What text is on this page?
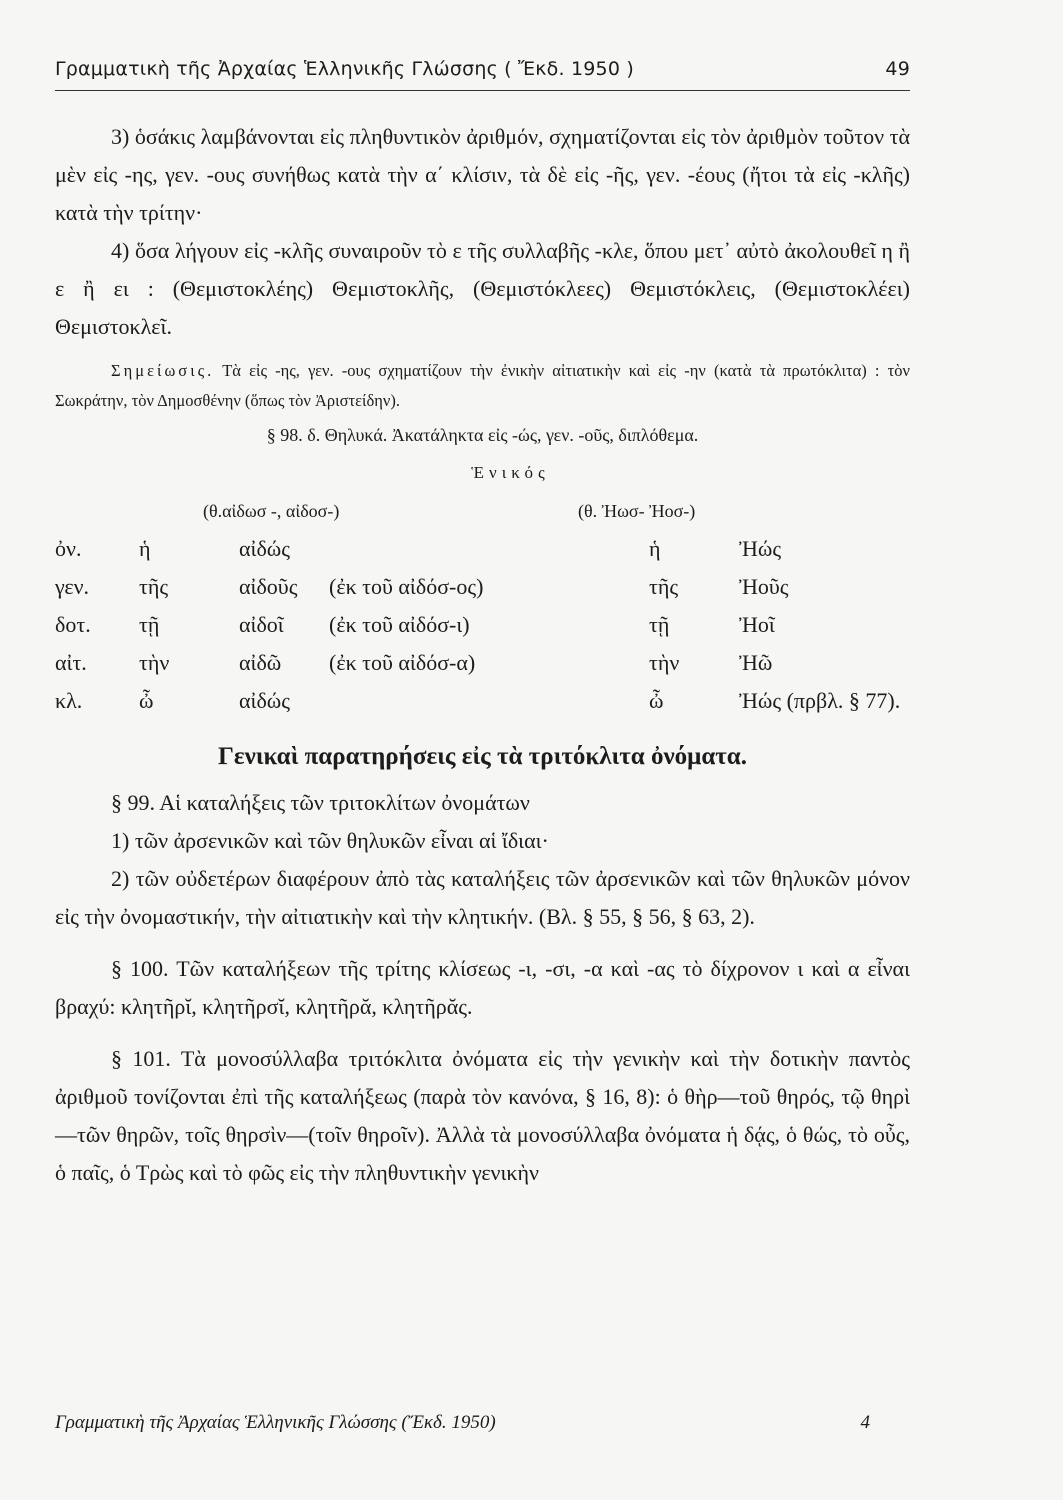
Γραμματικὴ τῆς Ἀρχαίας Ἑλληνικῆς Γλώσσης ( Ἔκδ. 1950 )	49

3) ὁσάκις λαμβάνονται εἰς πληθυντικὸν ἀριθμόν, σχηματίζονται εἰς τὸν ἀριθμὸν τοῦτον τὰ μὲν εἰς -ης, γεν. -ους συνήθως κατὰ τὴν α΄ κλίσιν, τὰ δὲ εἰς -ῆς, γεν. -έους (ἤτοι τὰ εἰς -κλῆς) κατὰ τὴν τρίτην·

4) ὅσα λήγουν εἰς -κλῆς συναιροῦν τὸ ε τῆς συλλαβῆς -κλε, ὅπου μετ᾽ αὐτὸ ἀκολουθεῖ η ἢ ε ἢ ει : (Θεμιστοκλέης) Θεμιστοκλῆς, (Θεμιστόκλεες) Θεμιστόκλεις, (Θεμιστοκλέει) Θεμιστοκλεῖ.

Σημείωσις. Τὰ εἰς -ης, γεν. -ους σχηματίζουν τὴν ἐνικὴν αἰτιατικὴν καὶ εἰς -ην (κατὰ τὰ πρωτόκλιτα) : τὸν Σωκράτην, τὸν Δημοσθένην (ὅπως τὸν Ἀριστείδην).

§ 98. δ. Θηλυκά. Ἀκατάληκτα εἰς -ώς, γεν. -οῦς, διπλόθεμα.

Ἑνικός

(θ.αἰδωσ -, αἰδοσ-)	(θ. Ἠωσ- Ἠοσ-)
ὀν.	ἡ	αἰδώς		ἡ	Ἠώς
γεν.	τῆς	αἰδοῦς	(ἐκ τοῦ αἰδόσ-ος)	τῆς	Ἠοῦς
δοτ.	τῇ	αἰδοῖ	(ἐκ τοῦ αἰδόσ-ι)	τῇ	Ἠοῖ
αἰτ.	τὴν	αἰδῶ	(ἐκ τοῦ αἰδόσ-α)	τὴν	Ἠῶ
κλ.	ὦ	αἰδώς		ὦ	Ἠώς (πρβλ. § 77).

Γενικαὶ παρατηρήσεις εἰς τὰ τριτόκλιτα ὀνόματα.

§ 99. Αἱ καταλήξεις τῶν τριτοκλίτων ὀνομάτων

1) τῶν ἀρσενικῶν καὶ τῶν θηλυκῶν εἶναι αἱ ἴδιαι·

2) τῶν οὐδετέρων διαφέρουν ἀπὸ τὰς καταλήξεις τῶν ἀρσενικῶν καὶ τῶν θηλυκῶν μόνον εἰς τὴν ὀνομαστικήν, τὴν αἰτιατικὴν καὶ τὴν κλητικήν. (Βλ. § 55, § 56, § 63, 2).

§ 100. Τῶν καταλήξεων τῆς τρίτης κλίσεως -ι, -σι, -α καὶ -ας τὸ δίχρονον ι καὶ α εἶναι βραχύ: κλητῆρῐ, κλητῆρσῐ, κλητῆρᾰ, κλητῆρᾰς.

§ 101. Τὰ μονοσύλλαβα τριτόκλιτα ὀνόματα εἰς τὴν γενικὴν καὶ τὴν δοτικὴν παντὸς ἀριθμοῦ τονίζονται ἐπὶ τῆς καταλήξεως (παρὰ τὸν κανόνα, § 16, 8): ὁ θὴρ—τοῦ θηρός, τῷ θηρὶ—τῶν θηρῶν, τοῖς θηρσὶν—(τοῖν θηροῖν). Ἀλλὰ τὰ μονοσύλλαβα ὀνόματα ἡ δᾴς, ὁ θώς, τὸ οὖς, ὁ παῖς, ὁ Τρὼς καὶ τὸ φῶς εἰς τὴν πληθυντικὴν γενικὴν

Γραμματικὴ τῆς Ἀρχαίας Ἑλληνικῆς Γλώσσης (Ἔκδ. 1950)	4
